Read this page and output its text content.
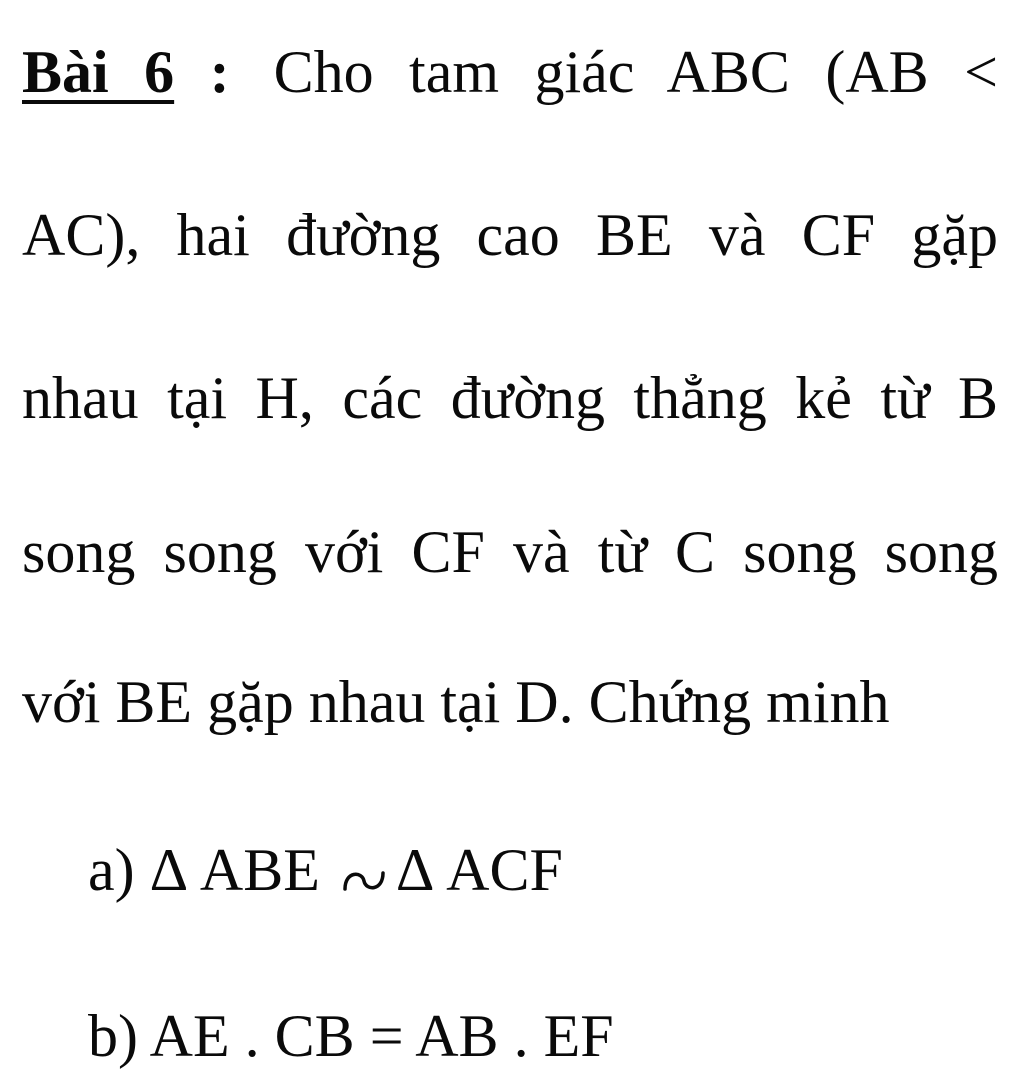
Bài 6 : Cho tam giác ABC (AB <
AC), hai đường cao BE và CF gặp
nhau tại H, các đường thẳng kẻ từ B
song song với CF và từ C song song
với BE gặp nhau tại D. Chứng minh
a) Δ ABE Δ ACF
b) AE . CB = AB . EF
